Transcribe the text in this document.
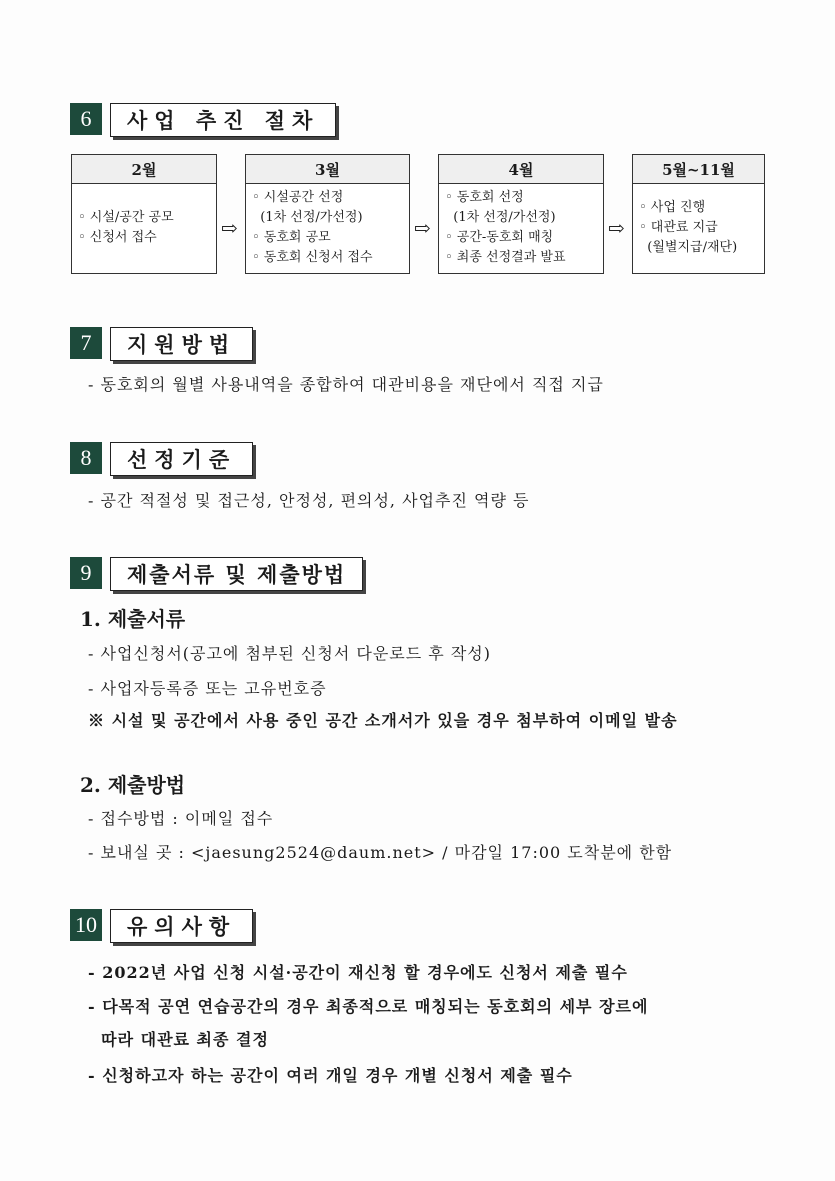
6	사업 추진 절차
2월
◦ 시설/공간 공모
◦ 신청서 접수	⇨
3월
◦ 시설공간 선정
(1차 선정/가선정)
◦ 동호회 공모
◦ 동호회 신청서 접수
⇨
4월
◦ 동호회 선정
(1차 선정/가선정)
◦ 공간-동호회 매칭
◦ 최종 선정결과 발표
⇨
5월~11월
◦ 사업 진행
◦ 대관료 지급
(월별지급/재단)
7	지원방법
- 동호회의 월별 사용내역을 종합하여 대관비용을 재단에서 직접 지급
8	선정기준
- 공간 적절성 및 접근성, 안정성, 편의성, 사업추진 역량 등
9	제출서류 및 제출방법
1. 제출서류
- 사업신청서(공고에 첨부된 신청서 다운로드 후 작성)
- 사업자등록증 또는 고유번호증
※ 시설 및 공간에서 사용 중인 공간 소개서가 있을 경우 첨부하여 이메일 발송
2. 제출방법
- 접수방법 : 이메일 접수
- 보내실 곳 : <jaesung2524@daum.net> / 마감일 17:00 도착분에 한함
10	유의사항
- 2022년 사업 신청 시설·공간이 재신청 할 경우에도 신청서 제출 필수
- 다목적 공연 연습공간의 경우 최종적으로 매칭되는 동호회의 세부 장르에
따라 대관료 최종 결정
- 신청하고자 하는 공간이 여러 개일 경우 개별 신청서 제출 필수
